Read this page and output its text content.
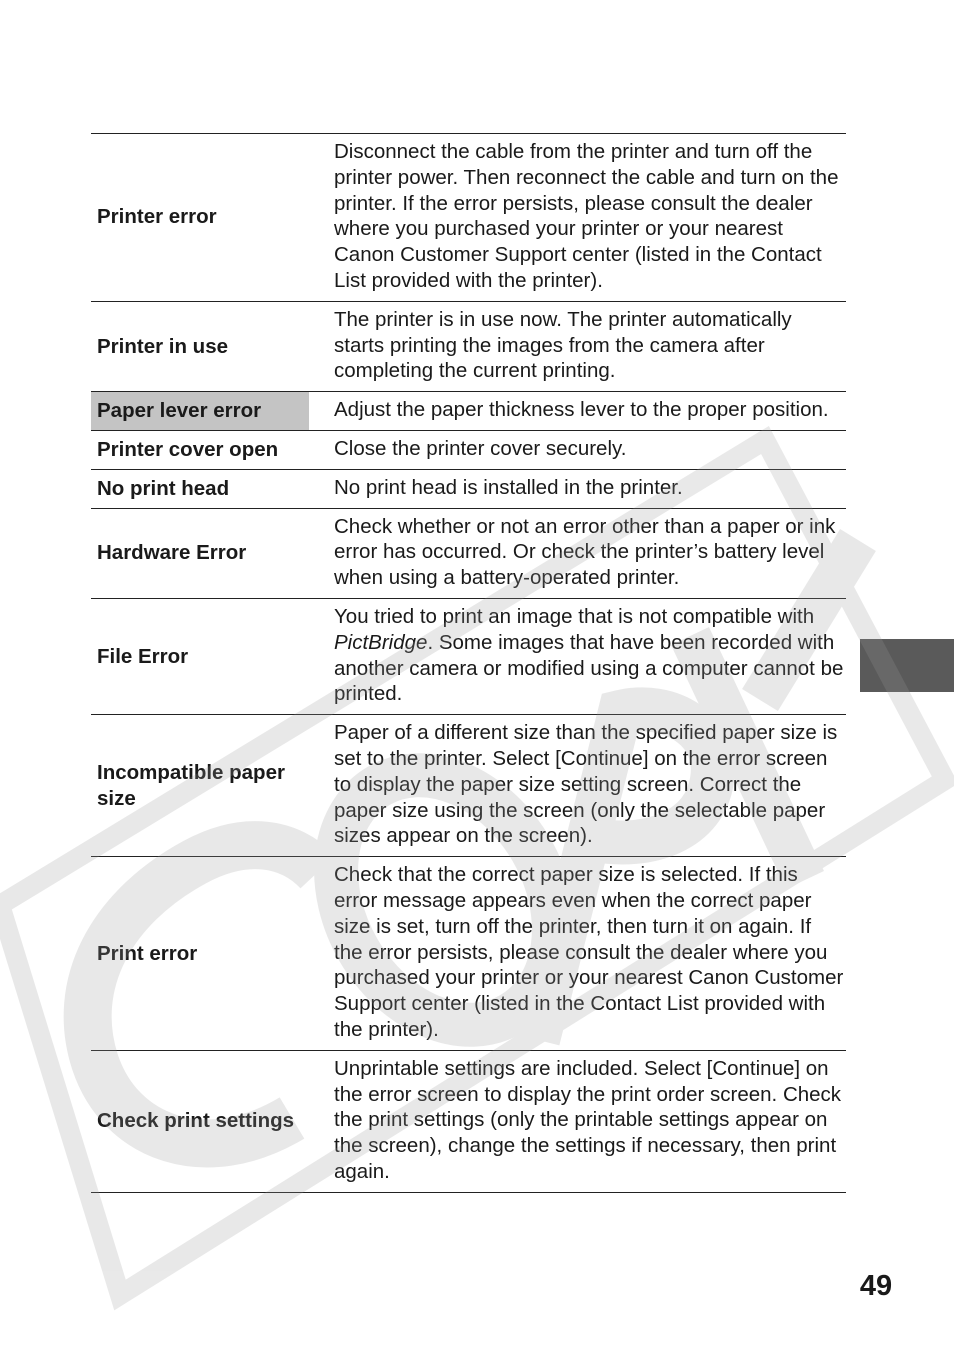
Printer error	Disconnect the cable from the printer and turn off the printer power. Then reconnect the cable and turn on the printer. If the error persists, please consult the dealer where you purchased your printer or your nearest Canon Customer Support center (listed in the Contact List provided with the printer).
Printer in use	The printer is in use now. The printer automatically starts printing the images from the camera after completing the current printing.
Paper lever error	Adjust the paper thickness lever to the proper position.
Printer cover open	Close the printer cover securely.
No print head	No print head is installed in the printer.
Hardware Error	Check whether or not an error other than a paper or ink error has occurred. Or check the printer’s battery level when using a battery-operated printer.
File Error	You tried to print an image that is not compatible with PictBridge. Some images that have been recorded with another camera or modified using a computer cannot be printed.
Incompatible paper size	Paper of a different size than the specified paper size is set to the printer. Select [Continue] on the error screen to display the paper size setting screen. Correct the paper size using the screen (only the selectable paper sizes appear on the screen).
Print error	Check that the correct paper size is selected. If this error message appears even when the correct paper size is set, turn off the printer, then turn it on again. If the error persists, please consult the dealer where you purchased your printer or your nearest Canon Customer Support center (listed in the Contact List provided with the printer).
Check print settings	Unprintable settings are included. Select [Continue] on the error screen to display the print order screen. Check the print settings (only the printable settings appear on the screen), change the settings if necessary, then print again.
49
